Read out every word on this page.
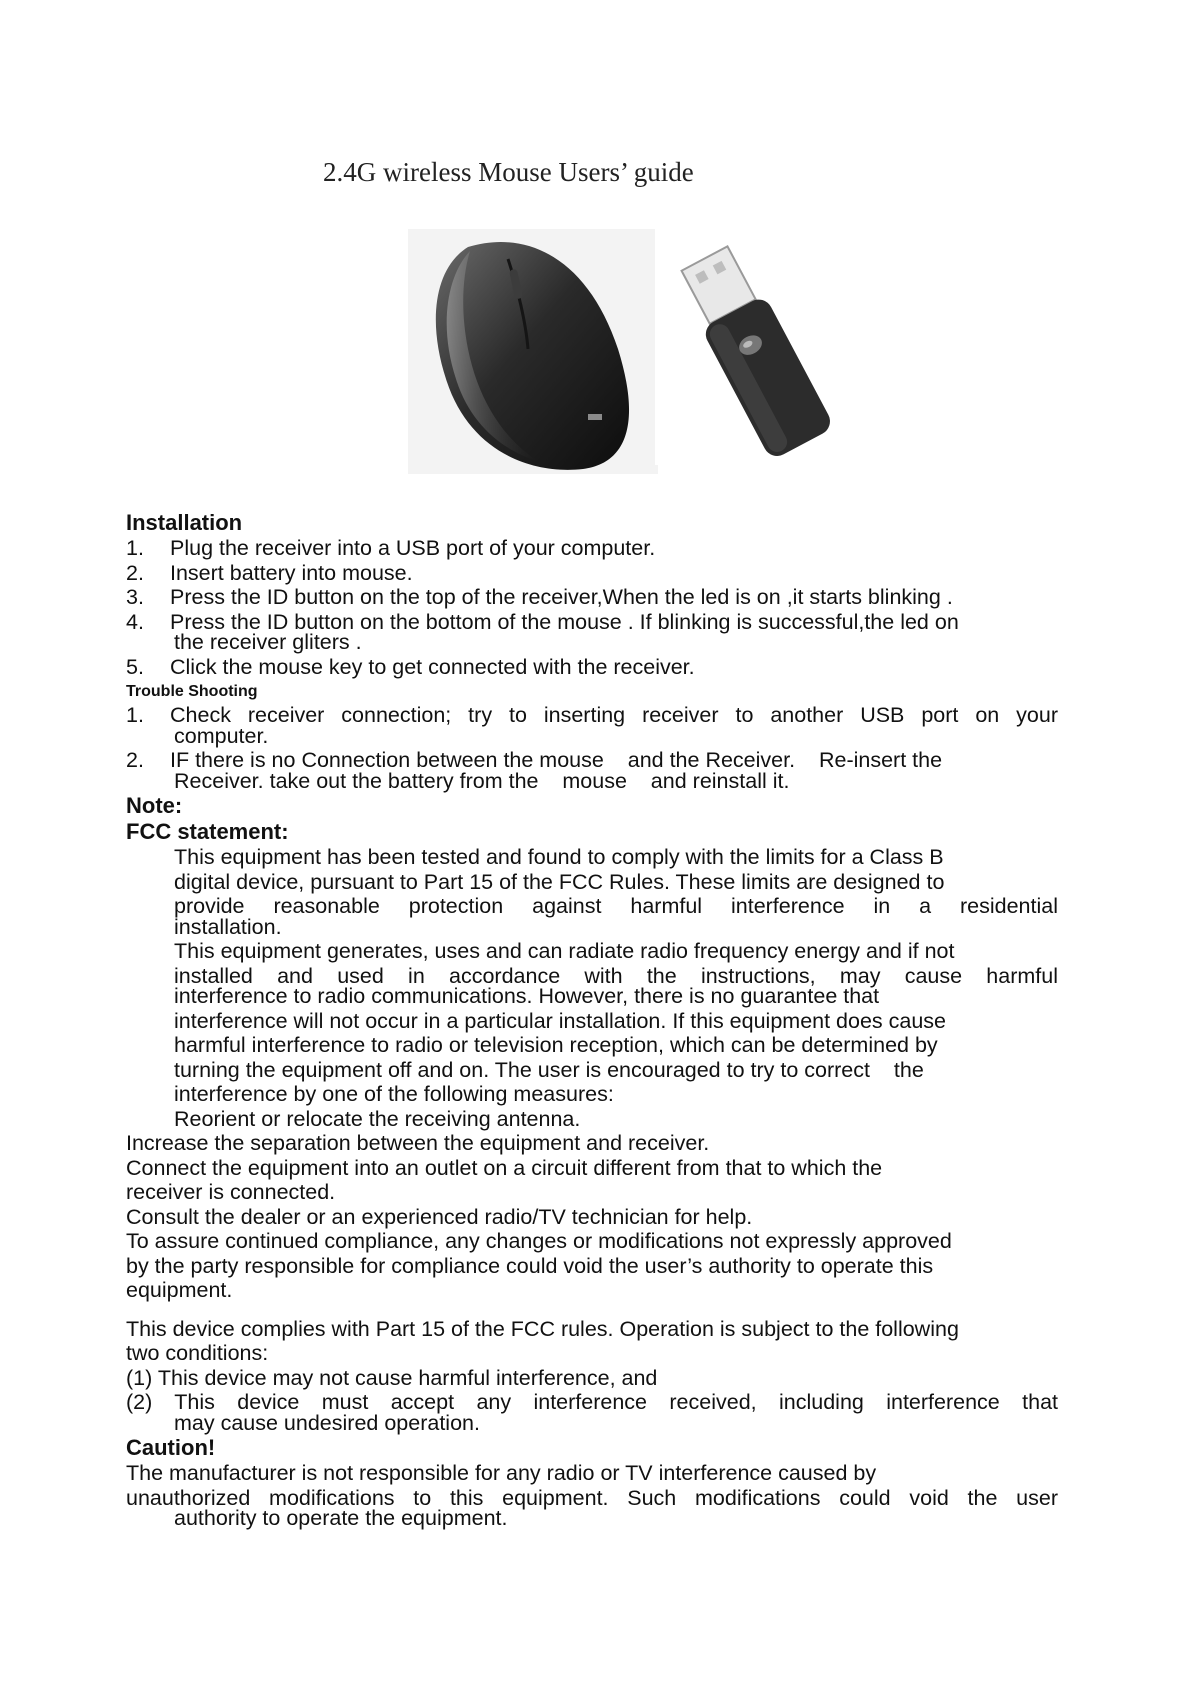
2.4G wireless Mouse Users’ guide

Installation

1. Plug the receiver into a USB port of your computer.
2. Insert battery into mouse.
3. Press the ID button on the top of the receiver,When the led is on ,it starts blinking .
4. Press the ID button on the bottom of the mouse . If blinking is successful,the led on
the receiver gliters .
5. Click the mouse key to get connected with the receiver.

Trouble Shooting

1. Check receiver connection; try to inserting receiver to another USB port on your
computer.
2. IF there is no Connection between the mouse    and the Receiver.    Re-insert the
Receiver. take out the battery from the    mouse    and reinstall it.

Note:

FCC statement:

This equipment has been tested and found to comply with the limits for a Class B

digital device, pursuant to Part 15 of the FCC Rules. These limits are designed to

provide reasonable protection against harmful interference in a residential

installation.

This equipment generates, uses and can radiate radio frequency energy and if not

installed and used in accordance with the instructions, may cause harmful

interference to radio communications. However, there is no guarantee that

interference will not occur in a particular installation. If this equipment does cause

harmful interference to radio or television reception, which can be determined by

turning the equipment off and on. The user is encouraged to try to correct    the

interference by one of the following measures:

Reorient or relocate the receiving antenna.

Increase the separation between the equipment and receiver.

Connect the equipment into an outlet on a circuit different from that to which the

receiver is connected.

Consult the dealer or an experienced radio/TV technician for help.

To assure continued compliance, any changes or modifications not expressly approved

by the party responsible for compliance could void the user’s authority to operate this

equipment.

This device complies with Part 15 of the FCC rules. Operation is subject to the following

two conditions:

(1) This device may not cause harmful interference, and

(2) This device must accept any interference received, including interference that

may cause undesired operation.

Caution!

The manufacturer is not responsible for any radio or TV interference caused by

unauthorized modifications to this equipment. Such modifications could void the user

authority to operate the equipment.
